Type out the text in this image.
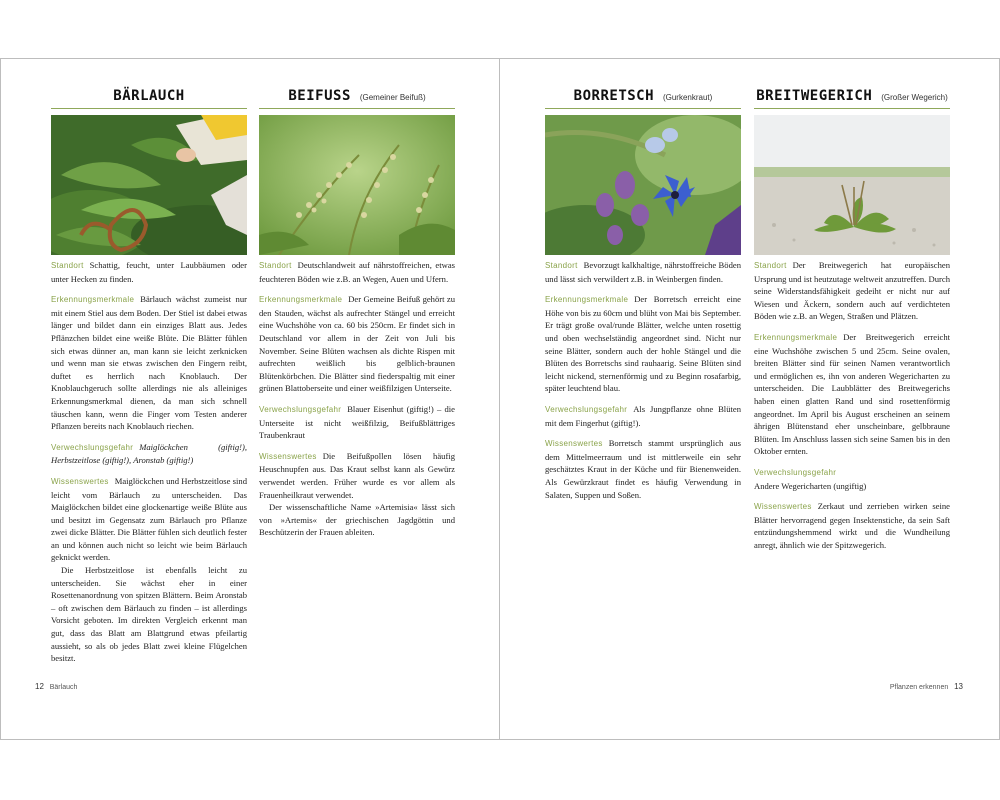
BÄRLAUCH

Standort Schattig, feucht, unter Laubbäumen oder unter Hecken zu finden.

Erkennungsmerkmale Bärlauch wächst zumeist nur mit einem Stiel aus dem Boden. Der Stiel ist dabei etwas länger und bildet dann ein einziges Blatt aus. Jedes Pflänzchen bildet eine weiße Blüte. Die Blätter fühlen sich etwas dünner an, man kann sie leicht zerknicken und wenn man sie etwas zwischen den Fingern reibt, duftet es herrlich nach Knoblauch. Der Knoblauchgeruch sollte allerdings nie als alleiniges Erkennungsmerkmal dienen, da man sich schnell täuschen kann, wenn die Finger vom Testen anderer Pflanzen bereits nach Knoblauch riechen.

Verwechslungsgefahr Maiglöckchen (giftig!), Herbstzeitlose (giftig!), Aronstab (giftig!)

Wissenswertes Maiglöckchen und Herbstzeitlose sind leicht vom Bärlauch zu unterscheiden. Das Maiglöckchen bildet eine glockenartige weiße Blüte aus und besitzt im Gegensatz zum Bärlauch pro Pflanze zwei dicke Blätter. Die Blätter fühlen sich deutlich fester an und können auch nicht so leicht wie beim Bärlauch geknickt werden.

Die Herbstzeitlose ist ebenfalls leicht zu unterscheiden. Sie wächst eher in einer Rosettenanordnung von spitzen Blättern. Beim Aronstab – oft zwischen dem Bärlauch zu finden – ist allerdings Vorsicht geboten. Im direkten Vergleich erkennt man gut, dass das Blatt am Blattgrund etwas pfeilartig aussieht, so als ob jedes Blatt zwei kleine Flügelchen besitzt.

BEIFUSS (Gemeiner Beifuß)

Standort Deutschlandweit auf nährstoffreichen, etwas feuchteren Böden wie z.B. an Wegen, Auen und Ufern.

Erkennungsmerkmale Der Gemeine Beifuß gehört zu den Stauden, wächst als aufrechter Stängel und erreicht eine Wuchshöhe von ca. 60 bis 250cm. Er findet sich in Deutschland vor allem in der Zeit von Juli bis November. Seine Blüten wachsen als dichte Rispen mit aufrechten weißlich bis gelblich-braunen Blütenkörbchen. Die Blätter sind fiederspaltig mit einer grünen Blattoberseite und einer weißfilzigen Unterseite.

Verwechslungsgefahr Blauer Eisenhut (giftig!) – die Unterseite ist nicht weißfilzig, Beifußblättriges Traubenkraut

Wissenswertes Die Beifußpollen lösen häufig Heuschnupfen aus. Das Kraut selbst kann als Gewürz verwendet werden. Früher wurde es vor allem als Frauenheilkraut verwendet.

Der wissenschaftliche Name »Artemisia« lässt sich von »Artemis« der griechischen Jagdgöttin und Beschützerin der Frauen ableiten.

12 Bärlauch
BORRETSCH (Gurkenkraut)

Standort Bevorzugt kalkhaltige, nährstoffreiche Böden und lässt sich verwildert z.B. in Weinbergen finden.

Erkennungsmerkmale Der Borretsch erreicht eine Höhe von bis zu 60cm und blüht von Mai bis September. Er trägt große oval/runde Blätter, welche unten rosettig und oben wechselständig angeordnet sind. Nicht nur seine Blätter, sondern auch der hohle Stängel und die Blüten des Borretschs sind rauhaarig. Seine Blüten sind leicht nickend, sternenförmig und zu Beginn rosafarbig, später leuchtend blau.

Verwechslungsgefahr Als Jungpflanze ohne Blüten mit dem Fingerhut (giftig!).

Wissenswertes Borretsch stammt ursprünglich aus dem Mittelmeerraum und ist mittlerweile ein sehr geschätztes Kraut in der Küche und für Bienenweiden. Als Gewürzkraut findet es häufig Verwendung in Salaten, Suppen und Soßen.

BREITWEGERICH (Großer Wegerich)

Standort Der Breitwegerich hat europäischen Ursprung und ist heutzutage weltweit anzutreffen. Durch seine Widerstandsfähigkeit gedeiht er nicht nur auf Wiesen und Äckern, sondern auch auf verdichteten Böden wie z.B. an Wegen, Straßen und Plätzen.

Erkennungsmerkmale Der Breitwegerich erreicht eine Wuchshöhe zwischen 5 und 25cm. Seine ovalen, breiten Blätter sind für seinen Namen verantwortlich und ermöglichen es, ihn von anderen Wegericharten zu unterscheiden. Die Laubblätter des Breitwegerichs haben einen glatten Rand und sind rosettenförmig angeordnet. Im April bis August erscheinen an seinem ährigen Blütenstand eher unscheinbare, gelbbraune Blüten. Im Anschluss lassen sich seine Samen bis in den Oktober ernten.

Verwechslungsgefahr
Andere Wegericharten (ungiftig)

Wissenswertes Zerkaut und zerrieben wirken seine Blätter hervorragend gegen Insektenstiche, da sein Saft entzündungshemmend wirkt und die Wundheilung anregt, ähnlich wie der Spitzwegerich.

Pflanzen erkennen 13
